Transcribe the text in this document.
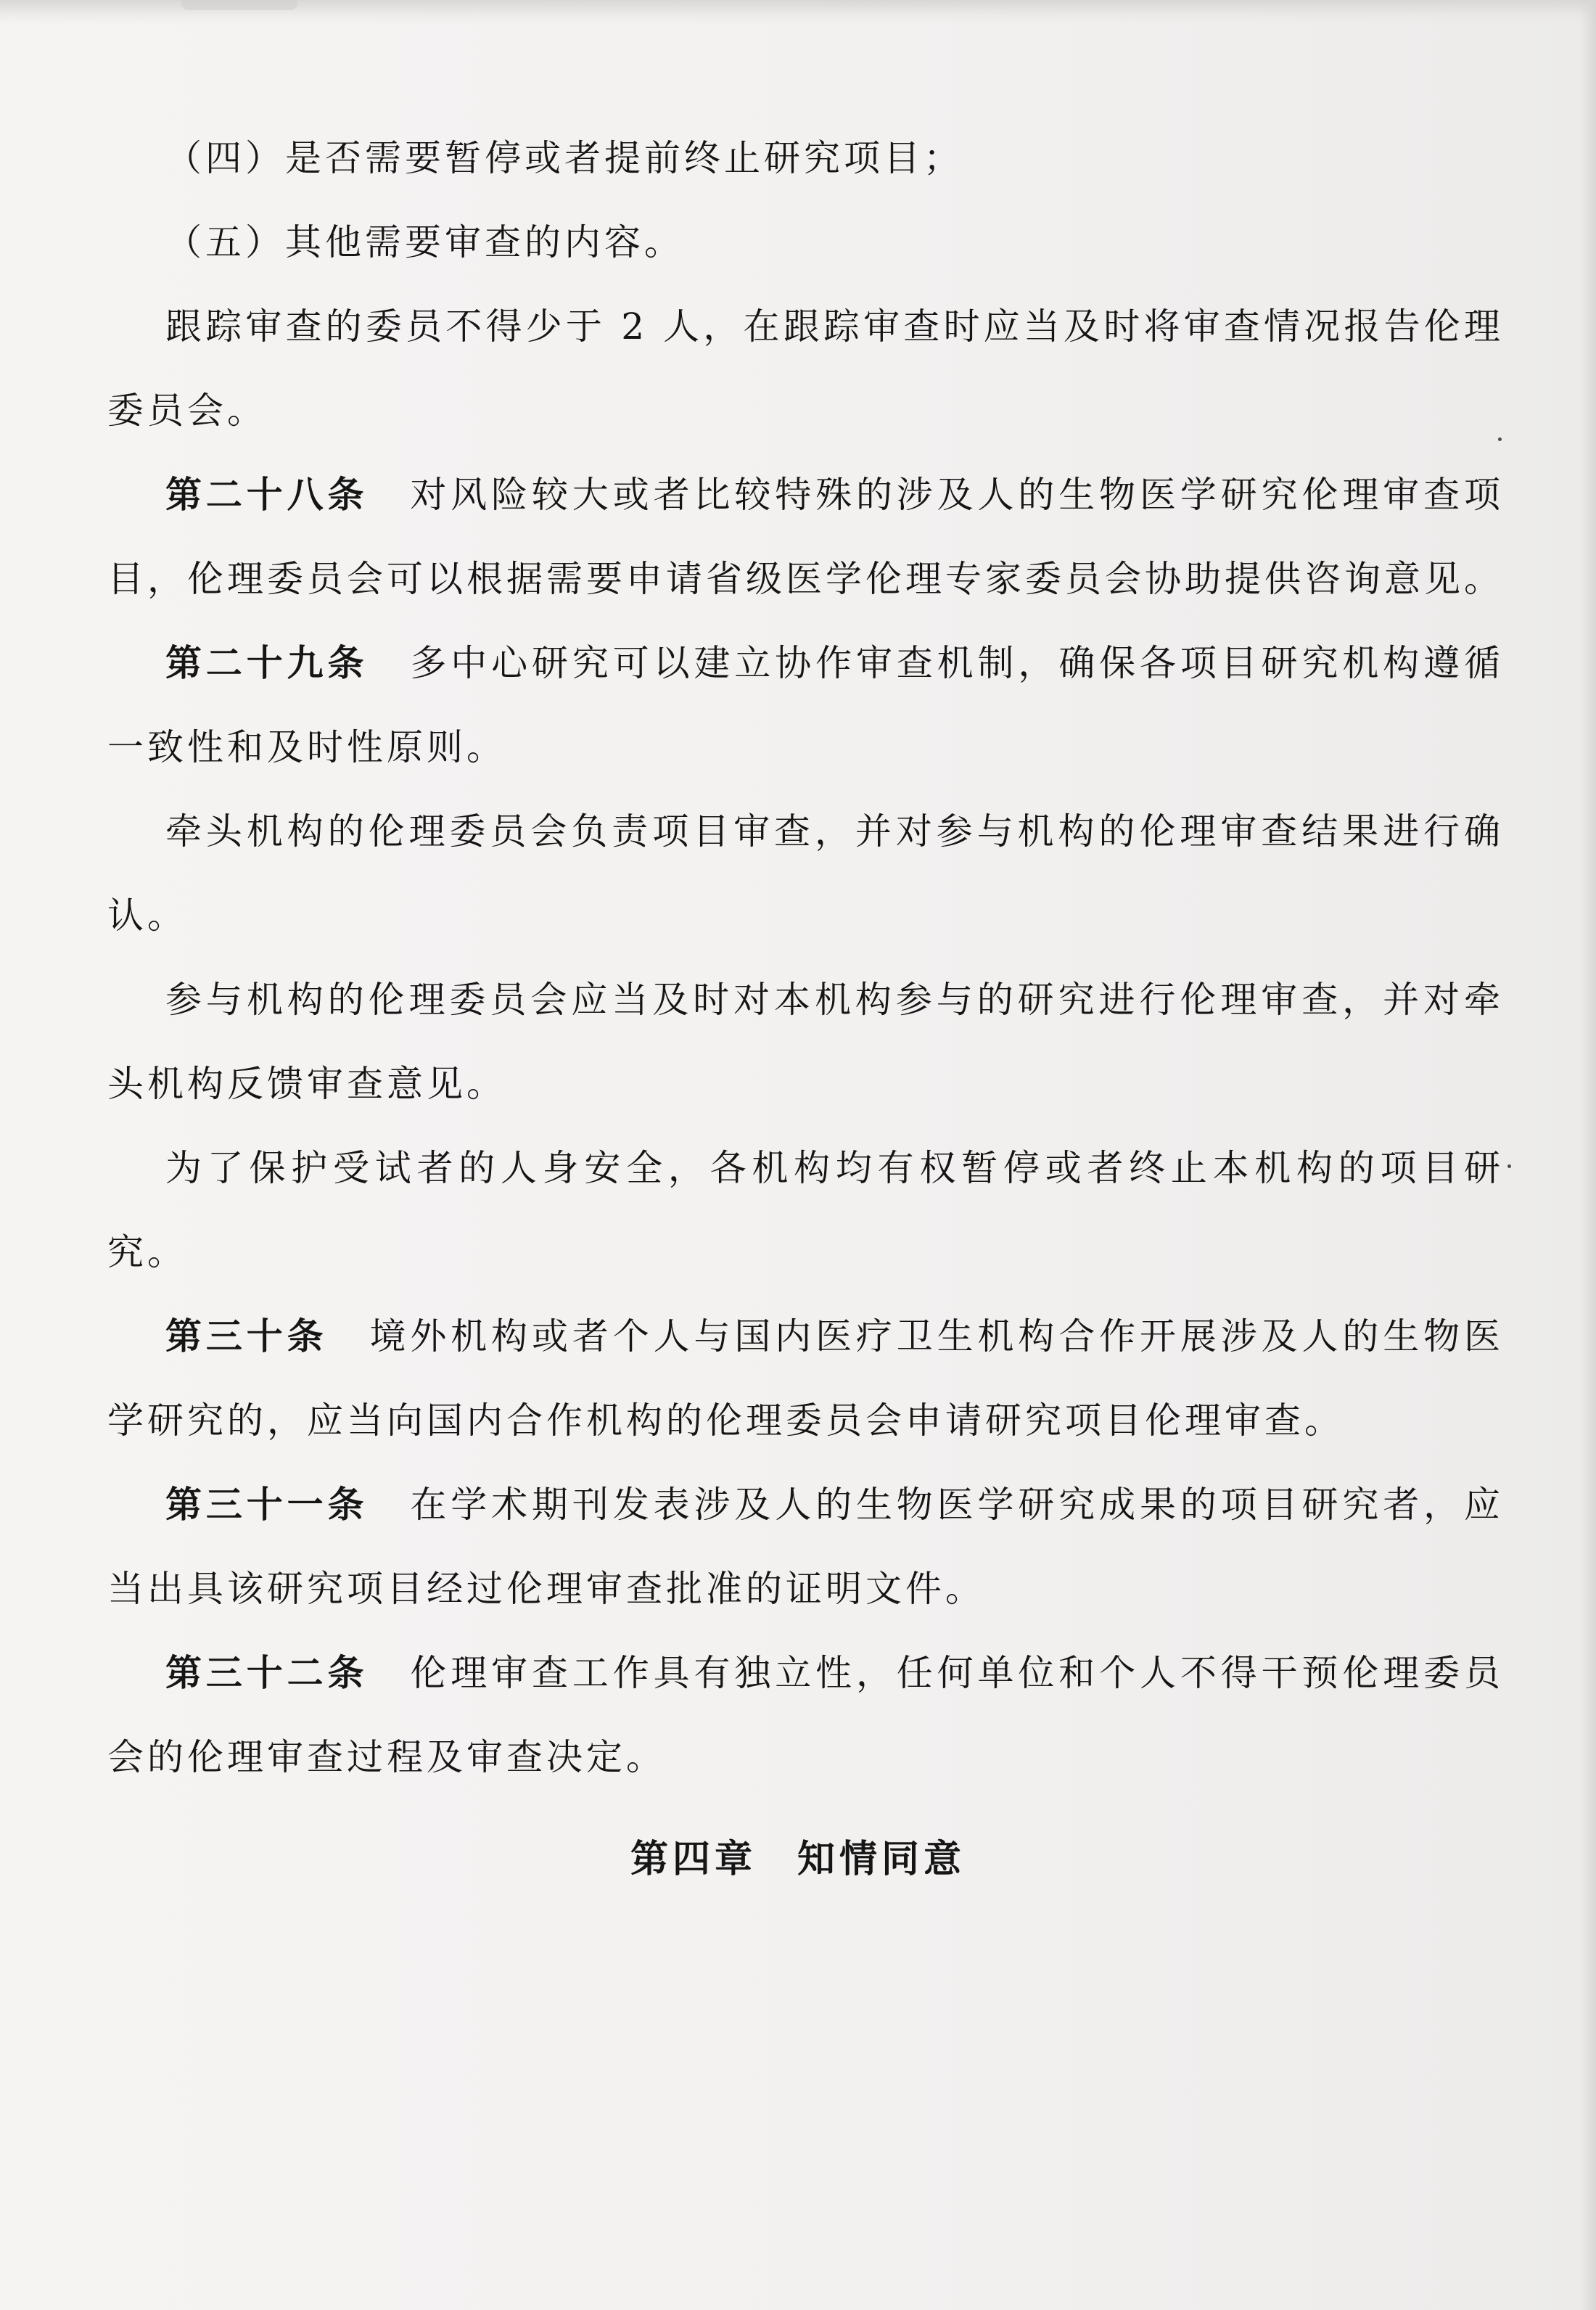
（四）是否需要暂停或者提前终止研究项目；

（五）其他需要审查的内容。

跟踪审查的委员不得少于 2 人，在跟踪审查时应当及时将审查情况报告伦理委员会。

第二十八条 对风险较大或者比较特殊的涉及人的生物医学研究伦理审查项目，伦理委员会可以根据需要申请省级医学伦理专家委员会协助提供咨询意见。

第二十九条 多中心研究可以建立协作审查机制，确保各项目研究机构遵循一致性和及时性原则。

牵头机构的伦理委员会负责项目审查，并对参与机构的伦理审查结果进行确认。

参与机构的伦理委员会应当及时对本机构参与的研究进行伦理审查，并对牵头机构反馈审查意见。

为了保护受试者的人身安全，各机构均有权暂停或者终止本机构的项目研究。

第三十条 境外机构或者个人与国内医疗卫生机构合作开展涉及人的生物医学研究的，应当向国内合作机构的伦理委员会申请研究项目伦理审查。

第三十一条 在学术期刊发表涉及人的生物医学研究成果的项目研究者，应当出具该研究项目经过伦理审查批准的证明文件。

第三十二条 伦理审查工作具有独立性，任何单位和个人不得干预伦理委员会的伦理审查过程及审查决定。

第四章 知情同意
